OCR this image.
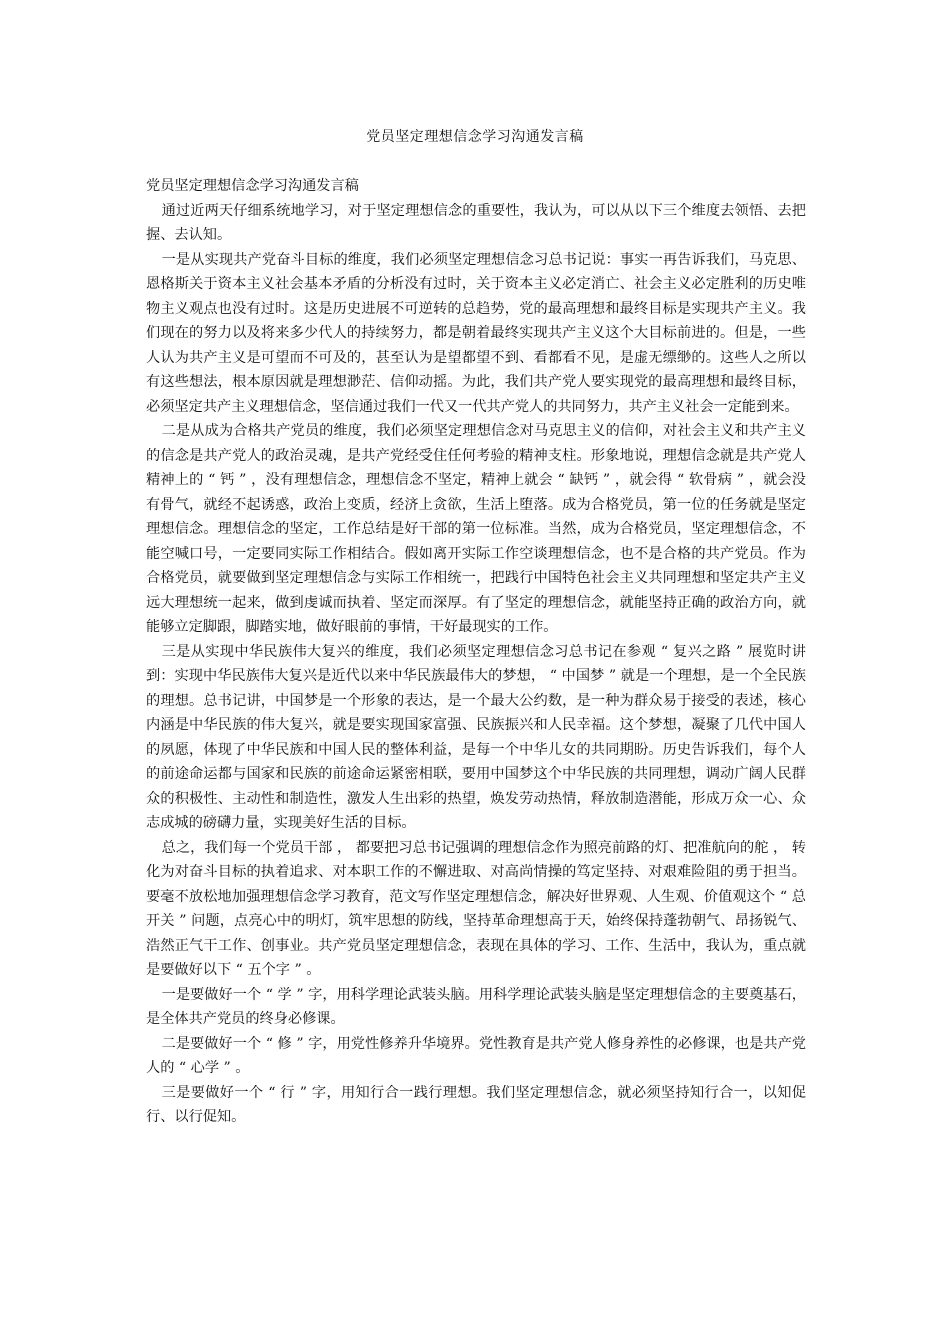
党员坚定理想信念学习沟通发言稿

党员坚定理想信念学习沟通发言稿

通过近两天仔细系统地学习，对于坚定理想信念的重要性，我认为，可以从以下三个维度去领悟、去把握、去认知。

一是从实现共产党奋斗目标的维度，我们必须坚定理想信念习总书记说：事实一再告诉我们，马克思、恩格斯关于资本主义社会基本矛盾的分析没有过时，关于资本主义必定消亡、社会主义必定胜利的历史唯物主义观点也没有过时。这是历史进展不可逆转的总趋势，党的最高理想和最终目标是实现共产主义。我们现在的努力以及将来多少代人的持续努力，都是朝着最终实现共产主义这个大目标前进的。但是，一些人认为共产主义是可望而不可及的，甚至认为是望都望不到、看都看不见，是虚无缥缈的。这些人之所以有这些想法，根本原因就是理想渺茫、信仰动摇。为此，我们共产党人要实现党的最高理想和最终目标，必须坚定共产主义理想信念，坚信通过我们一代又一代共产党人的共同努力，共产主义社会一定能到来。

二是从成为合格共产党员的维度，我们必须坚定理想信念对马克思主义的信仰，对社会主义和共产主义的信念是共产党人的政治灵魂，是共产党经受住任何考验的精神支柱。形象地说，理想信念就是共产党人精神上的 “ 钙 ” ，没有理想信念，理想信念不坚定，精神上就会 “ 缺钙 ” ，就会得 “ 软骨病 ” ，就会没有骨气，就经不起诱惑，政治上变质，经济上贪欲，生活上堕落。成为合格党员，第一位的任务就是坚定理想信念。理想信念的坚定，工作总结是好干部的第一位标准。当然，成为合格党员，坚定理想信念，不能空喊口号，一定要同实际工作相结合。假如离开实际工作空谈理想信念，也不是合格的共产党员。作为合格党员，就要做到坚定理想信念与实际工作相统一，把践行中国特色社会主义共同理想和坚定共产主义远大理想统一起来，做到虔诚而执着、坚定而深厚。有了坚定的理想信念，就能坚持正确的政治方向，就能够立定脚跟，脚踏实地，做好眼前的事情，干好最现实的工作。

三是从实现中华民族伟大复兴的维度，我们必须坚定理想信念习总书记在参观 “ 复兴之路 ” 展览时讲到：实现中华民族伟大复兴是近代以来中华民族最伟大的梦想， “ 中国梦 ” 就是一个理想，是一个全民族的理想。总书记讲，中国梦是一个形象的表达，是一个最大公约数，是一种为群众易于接受的表述，核心内涵是中华民族的伟大复兴，就是要实现国家富强、民族振兴和人民幸福。这个梦想，凝聚了几代中国人的夙愿，体现了中华民族和中国人民的整体利益，是每一个中华儿女的共同期盼。历史告诉我们，每个人的前途命运都与国家和民族的前途命运紧密相联，要用中国梦这个中华民族的共同理想，调动广阔人民群众的积极性、主动性和制造性，激发人生出彩的热望，焕发劳动热情，释放制造潜能，形成万众一心、众志成城的磅礴力量，实现美好生活的目标。

总之，我们每一个党员干部 ， 都要把习总书记强调的理想信念作为照亮前路的灯、把准航向的舵 ， 转化为对奋斗目标的执着追求、对本职工作的不懈进取、对高尚情操的笃定坚持、对艰难险阻的勇于担当。要毫不放松地加强理想信念学习教育，范文写作坚定理想信念，解决好世界观、人生观、价值观这个 “ 总开关 ” 问题，点亮心中的明灯，筑牢思想的防线，坚持革命理想高于天，始终保持蓬勃朝气、昂扬锐气、浩然正气干工作、创事业。共产党员坚定理想信念，表现在具体的学习、工作、生活中，我认为，重点就是要做好以下 “ 五个字 ” 。

一是要做好一个 “ 学 ” 字，用科学理论武装头脑。用科学理论武装头脑是坚定理想信念的主要奠基石，是全体共产党员的终身必修课。

二是要做好一个 “ 修 ” 字，用党性修养升华境界。党性教育是共产党人修身养性的必修课，也是共产党人的 “ 心学 ” 。

三是要做好一个 “ 行 ” 字，用知行合一践行理想。我们坚定理想信念，就必须坚持知行合一，以知促行、以行促知。
